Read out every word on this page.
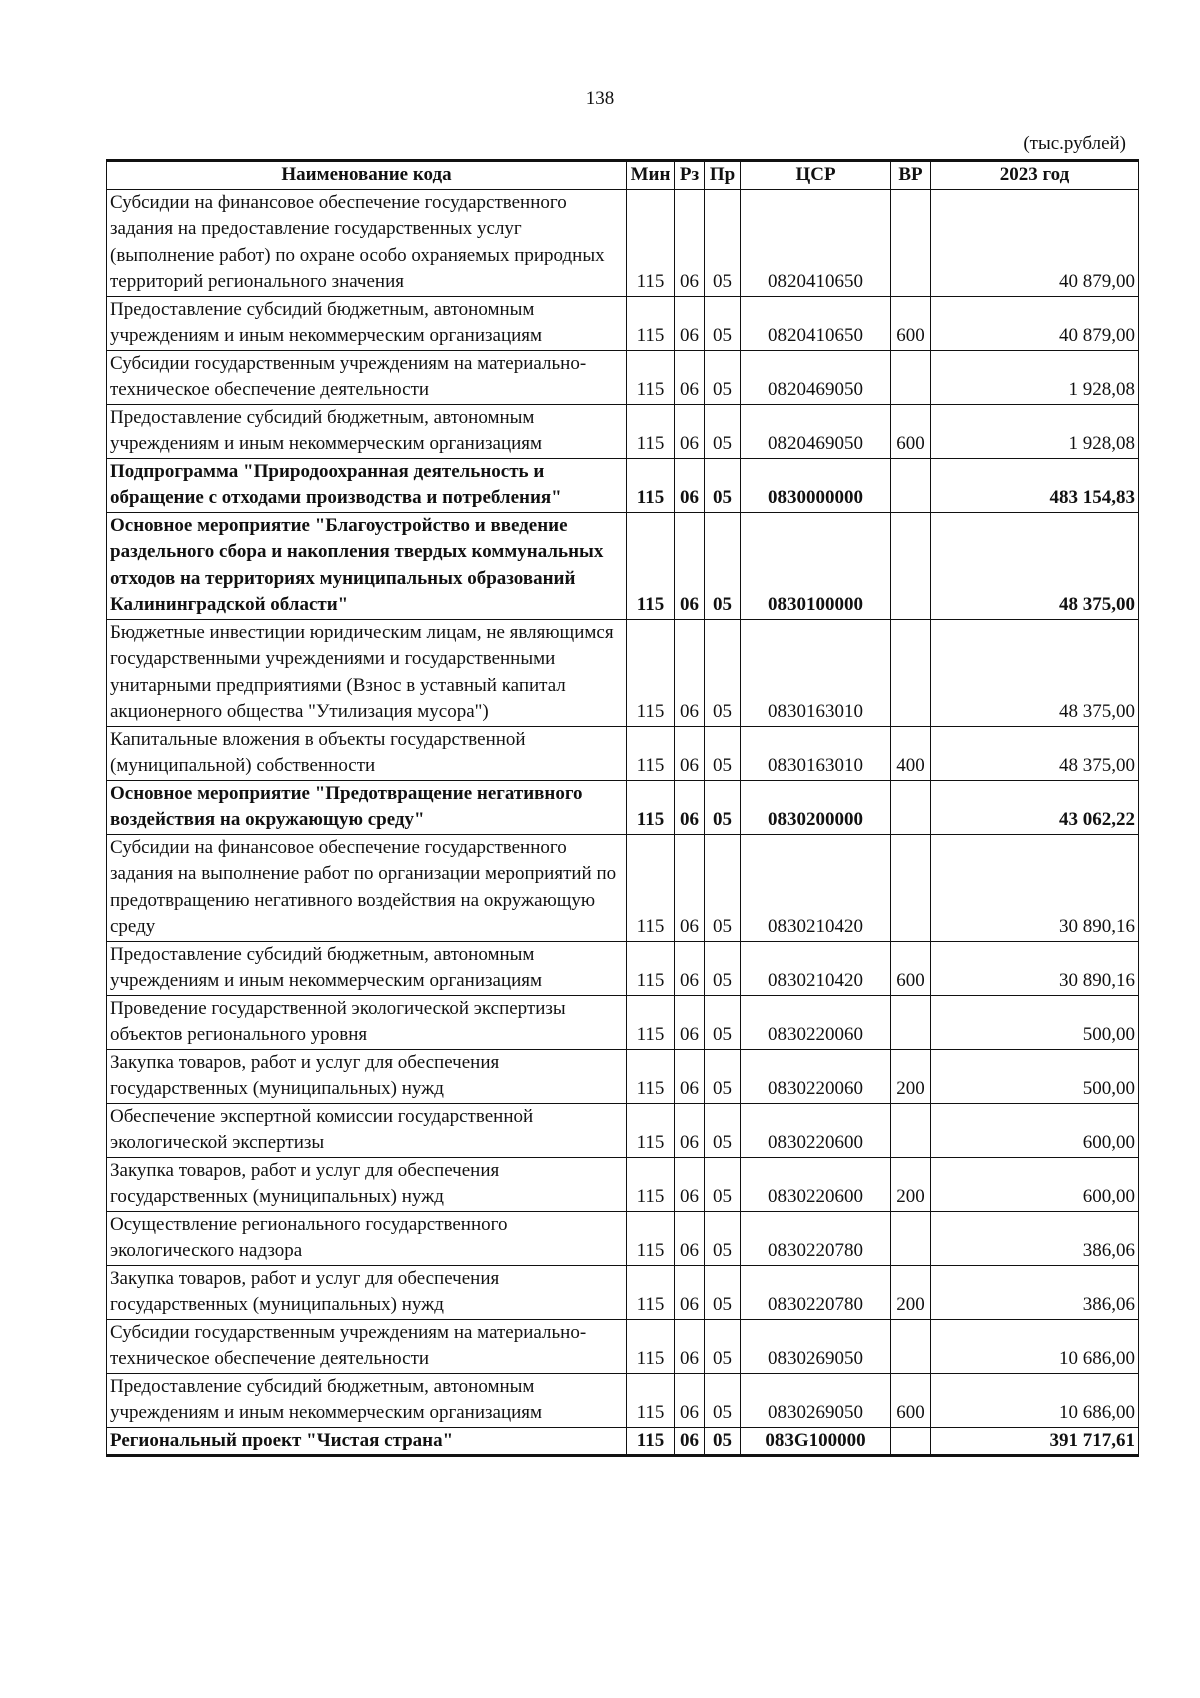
138
(тыс.рублей)
Наименование кода	Мин	Рз	Пр	ЦСР	ВР	2023 год
Субсидии на финансовое обеспечение государственного задания на предоставление государственных услуг (выполнение работ) по охране особо охраняемых природных территорий регионального значения	115	06	05	0820410650		40 879,00
Предоставление субсидий бюджетным, автономным учреждениям и иным некоммерческим организациям	115	06	05	0820410650	600	40 879,00
Субсидии государственным учреждениям на материально-техническое обеспечение деятельности	115	06	05	0820469050		1 928,08
Предоставление субсидий бюджетным, автономным учреждениям и иным некоммерческим организациям	115	06	05	0820469050	600	1 928,08
Подпрограмма "Природоохранная деятельность и обращение с отходами производства и потребления"	115	06	05	0830000000		483 154,83
Основное мероприятие "Благоустройство и введение раздельного сбора и накопления твердых коммунальных отходов на территориях муниципальных образований Калининградской области"	115	06	05	0830100000		48 375,00
Бюджетные инвестиции юридическим лицам, не являющимся государственными учреждениями и государственными унитарными предприятиями (Взнос в уставный капитал акционерного общества "Утилизация мусора")	115	06	05	0830163010		48 375,00
Капитальные вложения в объекты государственной (муниципальной) собственности	115	06	05	0830163010	400	48 375,00
Основное мероприятие "Предотвращение негативного воздействия на окружающую среду"	115	06	05	0830200000		43 062,22
Субсидии на финансовое обеспечение государственного задания на выполнение работ по организации мероприятий по предотвращению негативного воздействия на окружающую среду	115	06	05	0830210420		30 890,16
Предоставление субсидий бюджетным, автономным учреждениям и иным некоммерческим организациям	115	06	05	0830210420	600	30 890,16
Проведение государственной экологической экспертизы объектов регионального уровня	115	06	05	0830220060		500,00
Закупка товаров, работ и услуг для обеспечения государственных (муниципальных) нужд	115	06	05	0830220060	200	500,00
Обеспечение экспертной комиссии государственной экологической экспертизы	115	06	05	0830220600		600,00
Закупка товаров, работ и услуг для обеспечения государственных (муниципальных) нужд	115	06	05	0830220600	200	600,00
Осуществление регионального государственного экологического надзора	115	06	05	0830220780		386,06
Закупка товаров, работ и услуг для обеспечения государственных (муниципальных) нужд	115	06	05	0830220780	200	386,06
Субсидии государственным учреждениям на материально-техническое обеспечение деятельности	115	06	05	0830269050		10 686,00
Предоставление субсидий бюджетным, автономным учреждениям и иным некоммерческим организациям	115	06	05	0830269050	600	10 686,00
Региональный проект "Чистая страна"	115	06	05	083G100000		391 717,61
